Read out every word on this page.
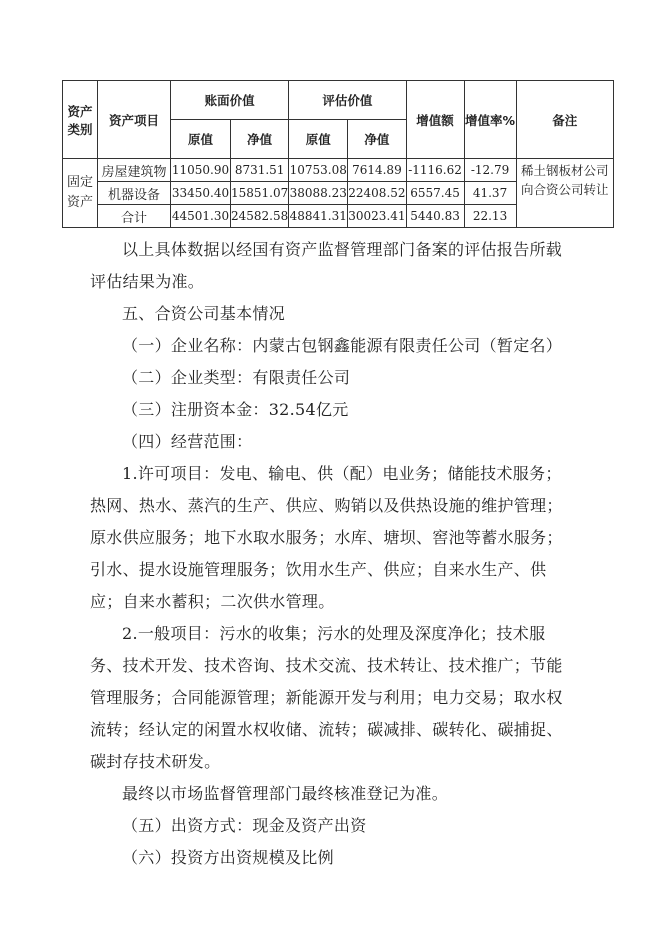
资产类别	资产项目	账面价值		评估价值		增值额	增值率%	备注
		原值	净值	原值	净值			
固定资产	房屋建筑物	11050.90	8731.51	10753.08	7614.89	-1116.62	-12.79	稀土钢板材公司向合资公司转让
	机器设备	33450.40	15851.07	38088.23	22408.52	6557.45	41.37	
	合计	44501.30	24582.58	48841.31	30023.41	5440.83	22.13	
以上具体数据以经国有资产监督管理部门备案的评估报告所载
评估结果为准。
五、合资公司基本情况
（一）企业名称：内蒙古包钢鑫能源有限责任公司（暂定名）
（二）企业类型：有限责任公司
（三）注册资本金：32.54亿元
（四）经营范围：
1.许可项目：发电、输电、供（配）电业务；储能技术服务；
热网、热水、蒸汽的生产、供应、购销以及供热设施的维护管理；
原水供应服务；地下水取水服务；水库、塘坝、窖池等蓄水服务；
引水、提水设施管理服务；饮用水生产、供应；自来水生产、供
应；自来水蓄积；二次供水管理。
2.一般项目：污水的收集；污水的处理及深度净化；技术服
务、技术开发、技术咨询、技术交流、技术转让、技术推广；节能
管理服务；合同能源管理；新能源开发与利用；电力交易；取水权
流转；经认定的闲置水权收储、流转；碳减排、碳转化、碳捕捉、
碳封存技术研发。
最终以市场监督管理部门最终核准登记为准。
（五）出资方式：现金及资产出资
（六）投资方出资规模及比例
